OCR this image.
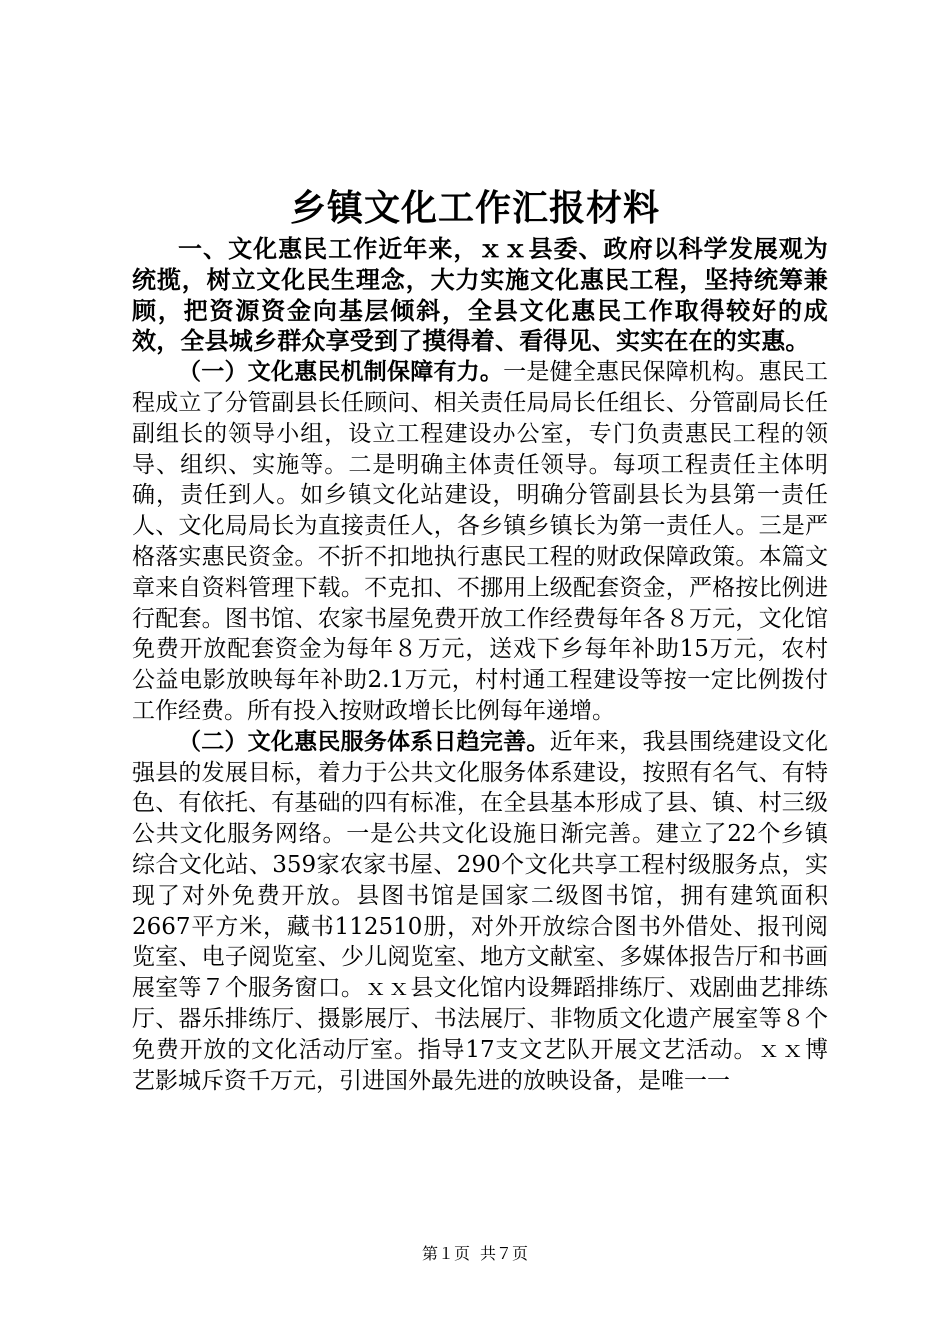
乡镇文化工作汇报材料

一、文化惠民工作近年来，ｘｘ县委、政府以科学发展观为统揽，树立文化民生理念，大力实施文化惠民工程，坚持统筹兼顾，把资源资金向基层倾斜，全县文化惠民工作取得较好的成效，全县城乡群众享受到了摸得着、看得见、实实在在的实惠。

（一）文化惠民机制保障有力。一是健全惠民保障机构。惠民工程成立了分管副县长任顾问、相关责任局局长任组长、分管副局长任副组长的领导小组，设立工程建设办公室，专门负责惠民工程的领导、组织、实施等。二是明确主体责任领导。每项工程责任主体明确，责任到人。如乡镇文化站建设，明确分管副县长为县第一责任人、文化局局长为直接责任人，各乡镇乡镇长为第一责任人。三是严格落实惠民资金。不折不扣地执行惠民工程的财政保障政策。本篇文章来自资料管理下载。不克扣、不挪用上级配套资金，严格按比例进行配套。图书馆、农家书屋免费开放工作经费每年各８万元，文化馆免费开放配套资金为每年８万元，送戏下乡每年补助15万元，农村公益电影放映每年补助2.1万元，村村通工程建设等按一定比例拨付工作经费。所有投入按财政增长比例每年递增。

（二）文化惠民服务体系日趋完善。近年来，我县围绕建设文化强县的发展目标，着力于公共文化服务体系建设，按照有名气、有特色、有依托、有基础的四有标准，在全县基本形成了县、镇、村三级公共文化服务网络。一是公共文化设施日渐完善。建立了22个乡镇综合文化站、359家农家书屋、290个文化共享工程村级服务点，实现了对外免费开放。县图书馆是国家二级图书馆，拥有建筑面积2667平方米，藏书112510册，对外开放综合图书外借处、报刊阅览室、电子阅览室、少儿阅览室、地方文献室、多媒体报告厅和书画展室等７个服务窗口。ｘｘ县文化馆内设舞蹈排练厅、戏剧曲艺排练厅、器乐排练厅、摄影展厅、书法展厅、非物质文化遗产展室等８个免费开放的文化活动厅室。指导17支文艺队开展文艺活动。ｘｘ博艺影城斥资千万元，引进国外最先进的放映设备，是唯一一

第１页 共７页
